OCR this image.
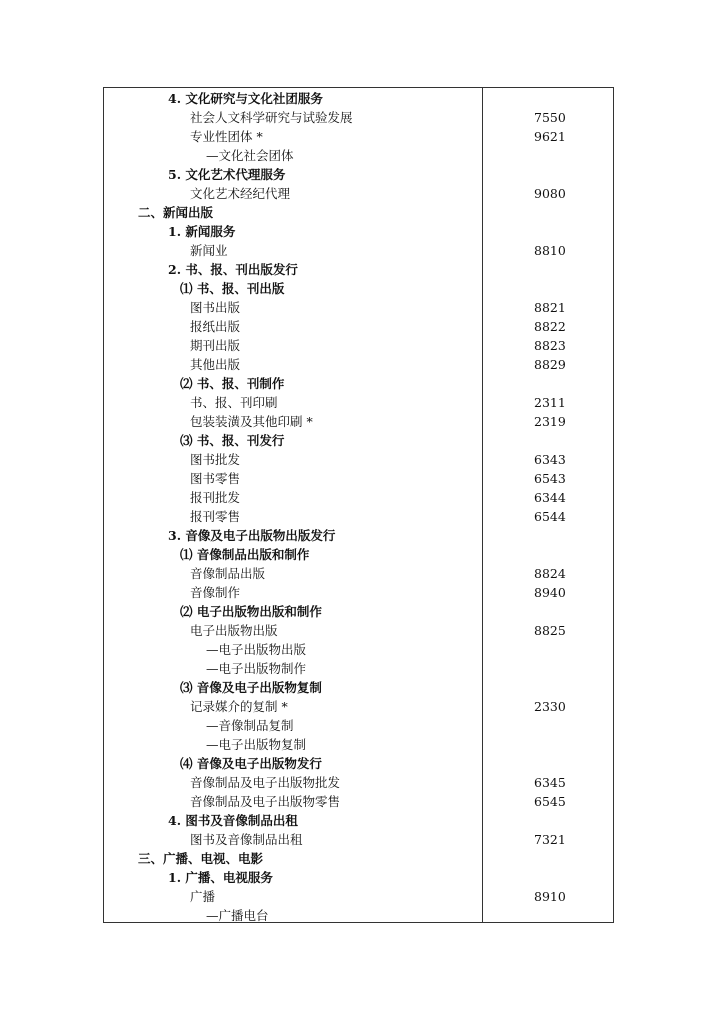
4. 文化研究与文化社团服务
社会人文科学研究与试验发展	7550
专业性团体 *	9621
—文化社会团体
5. 文化艺术代理服务
文化艺术经纪代理	9080
二、新闻出版
1. 新闻服务
新闻业	8810
2. 书、报、刊出版发行
⑴ 书、报、刊出版
图书出版	8821
报纸出版	8822
期刊出版	8823
其他出版	8829
⑵ 书、报、刊制作
书、报、刊印刷	2311
包装装潢及其他印刷 *	2319
⑶ 书、报、刊发行
图书批发	6343
图书零售	6543
报刊批发	6344
报刊零售	6544
3. 音像及电子出版物出版发行
⑴ 音像制品出版和制作
音像制品出版	8824
音像制作	8940
⑵ 电子出版物出版和制作
电子出版物出版	8825
—电子出版物出版
—电子出版物制作
⑶ 音像及电子出版物复制
记录媒介的复制 *	2330
—音像制品复制
—电子出版物复制
⑷ 音像及电子出版物发行
音像制品及电子出版物批发	6345
音像制品及电子出版物零售	6545
4. 图书及音像制品出租
图书及音像制品出租	7321
三、广播、电视、电影
1. 广播、电视服务
广播	8910
—广播电台
